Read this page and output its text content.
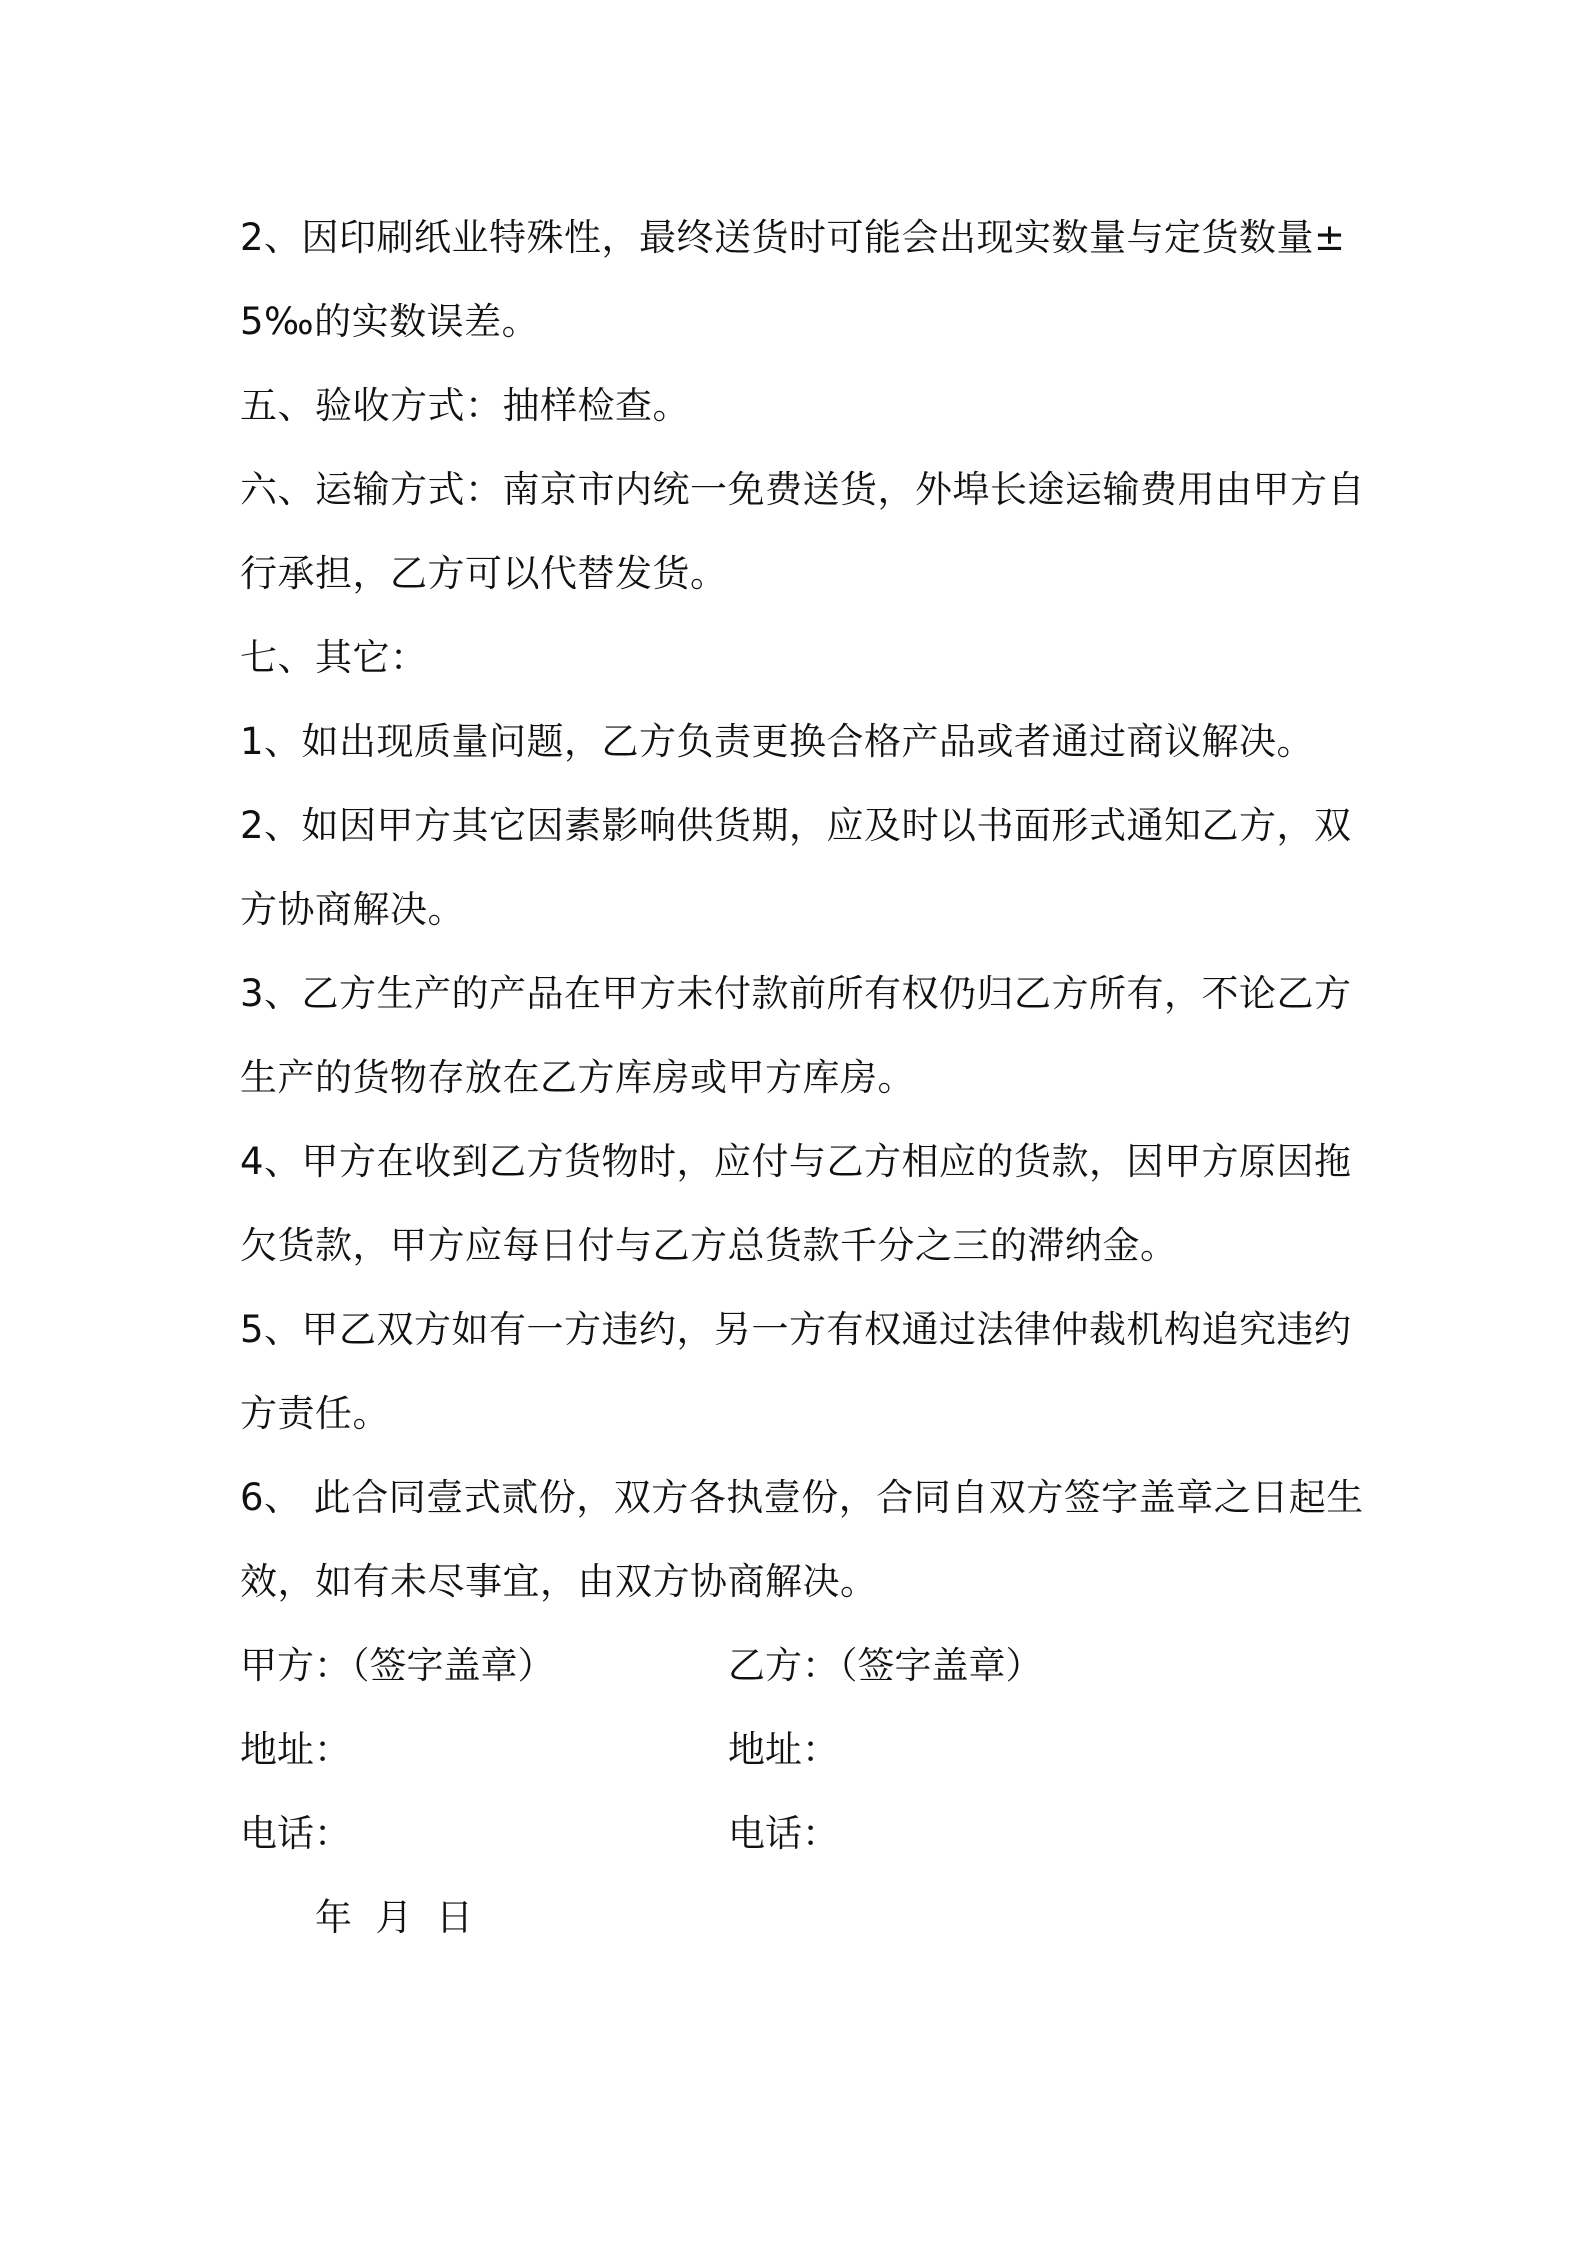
2、因印刷纸业特殊性，最终送货时可能会出现实数量与定货数量±
5‰的实数误差。
五、验收方式：抽样检查。
六、运输方式：南京市内统一免费送货，外埠长途运输费用由甲方自
行承担，乙方可以代替发货。
七、其它：
1、如出现质量问题，乙方负责更换合格产品或者通过商议解决。
2、如因甲方其它因素影响供货期，应及时以书面形式通知乙方，双
方协商解决。
3、乙方生产的产品在甲方未付款前所有权仍归乙方所有，不论乙方
生产的货物存放在乙方库房或甲方库房。
4、甲方在收到乙方货物时，应付与乙方相应的货款，因甲方原因拖
欠货款，甲方应每日付与乙方总货款千分之三的滞纳金。
5、甲乙双方如有一方违约，另一方有权通过法律仲裁机构追究违约
方责任。
6、 此合同壹式贰份，双方各执壹份，合同自双方签字盖章之日起生
效，如有未尽事宜，由双方协商解决。
甲方：（签字盖章）	乙方：（签字盖章）
地址：	地址：
电话：	电话：
年  月  日
